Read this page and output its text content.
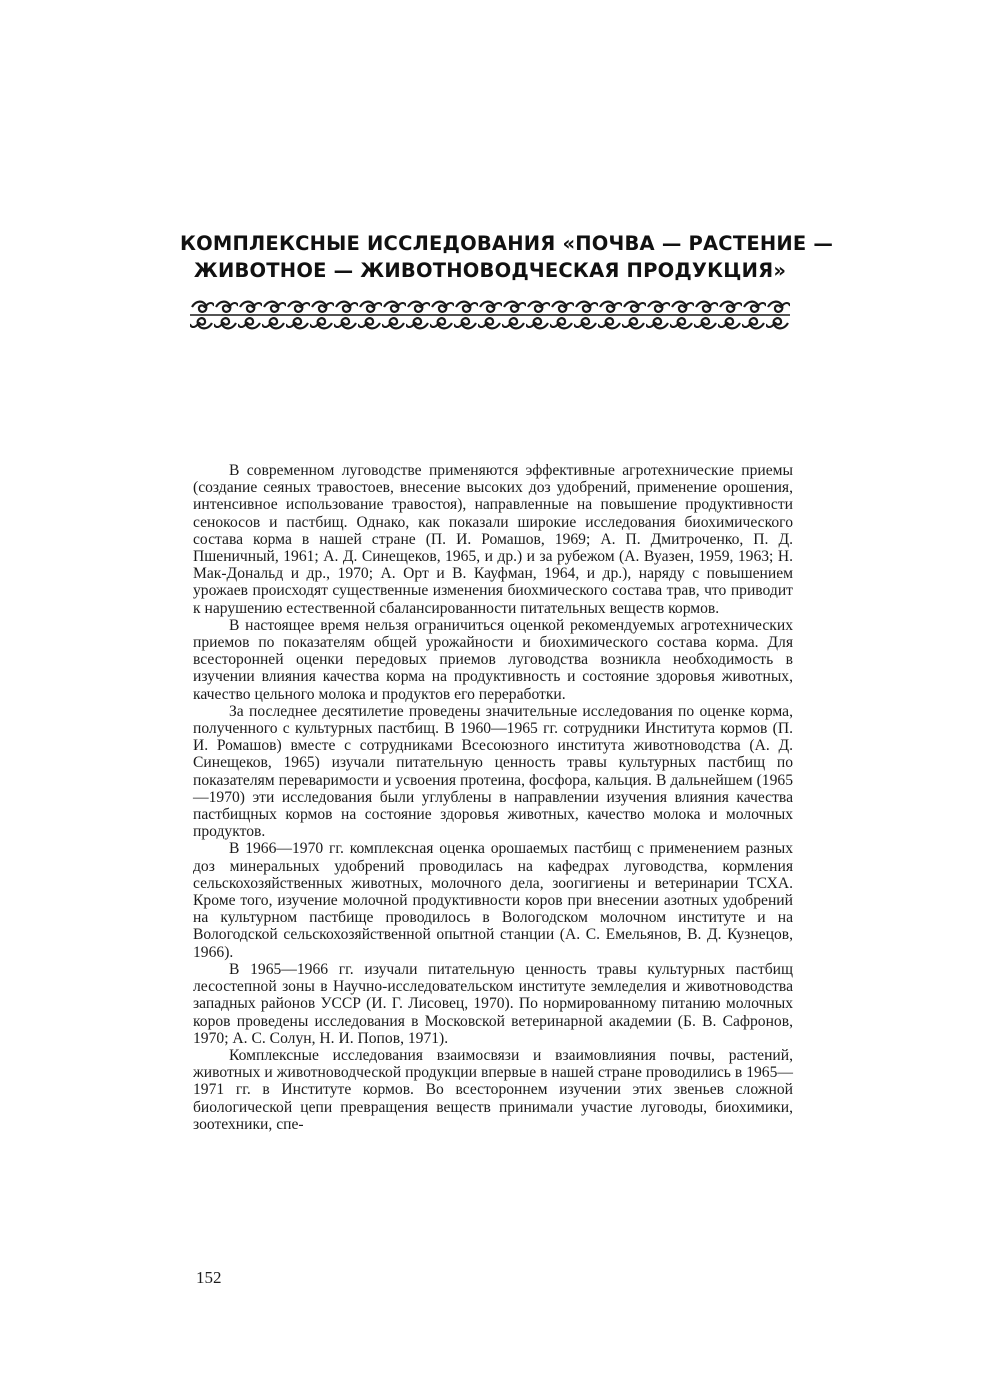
КОМПЛЕКСНЫЕ ИССЛЕДОВАНИЯ «ПОЧВА — РАСТЕНИЕ —
ЖИВОТНОЕ — ЖИВОТНОВОДЧЕСКАЯ ПРОДУКЦИЯ»

В современном луговодстве применяются эффективные агротехнические приемы (создание сеяных травостоев, внесение высоких доз удобрений, применение орошения, интенсивное использование травостоя), направленные на повышение продуктивности сенокосов и пастбищ. Однако, как показали широкие исследования биохимического состава корма в нашей стране (П. И. Ромашов, 1969; А. П. Дмитроченко, П. Д. Пшеничный, 1961; А. Д. Синещеков, 1965, и др.) и за рубежом (А. Вуазен, 1959, 1963; Н. Мак-Дональд и др., 1970; А. Орт и В. Кауфман, 1964, и др.), наряду с повышением урожаев происходят существенные изменения биохмического состава трав, что приводит к нарушению естественной сбалансированности питательных веществ кормов.

В настоящее время нельзя ограничиться оценкой рекомендуемых агротехнических приемов по показателям общей урожайности и биохимического состава корма. Для всесторонней оценки передовых приемов луговодства возникла необходимость в изучении влияния качества корма на продуктивность и состояние здоровья животных, качество цельного молока и продуктов его переработки.

За последнее десятилетие проведены значительные исследования по оценке корма, полученного с культурных пастбищ. В 1960—1965 гг. сотрудники Института кормов (П. И. Ромашов) вместе с сотрудниками Всесоюзного института животноводства (А. Д. Синещеков, 1965) изучали питательную ценность травы культурных пастбищ по показателям переваримости и усвоения протеина, фосфора, кальция. В дальнейшем (1965—1970) эти исследования были углублены в направлении изучения влияния качества пастбищных кормов на состояние здоровья животных, качество молока и молочных продуктов.

В 1966—1970 гг. комплексная оценка орошаемых пастбищ с применением разных доз минеральных удобрений проводилась на кафедрах луговодства, кормления сельскохозяйственных животных, молочного дела, зоогигиены и ветеринарии ТСХА. Кроме того, изучение молочной продуктивности коров при внесении азотных удобрений на культурном пастбище проводилось в Вологодском молочном институте и на Вологодской сельскохозяйственной опытной станции (А. С. Емельянов, В. Д. Кузнецов, 1966).

В 1965—1966 гг. изучали питательную ценность травы культурных пастбищ лесостепной зоны в Научно-исследовательском институте земледелия и животноводства западных районов УССР (И. Г. Лисовец, 1970). По нормированному питанию молочных коров проведены исследования в Московской ветеринарной академии (Б. В. Сафронов, 1970; А. С. Солун, Н. И. Попов, 1971).

Комплексные исследования взаимосвязи и взаимовлияния почвы, растений, животных и животноводческой продукции впервые в нашей стране проводились в 1965—1971 гг. в Институте кормов. Во всестороннем изучении этих звеньев сложной биологической цепи превращения веществ принимали участие луговоды, биохимики, зоотехники, спе-

152
